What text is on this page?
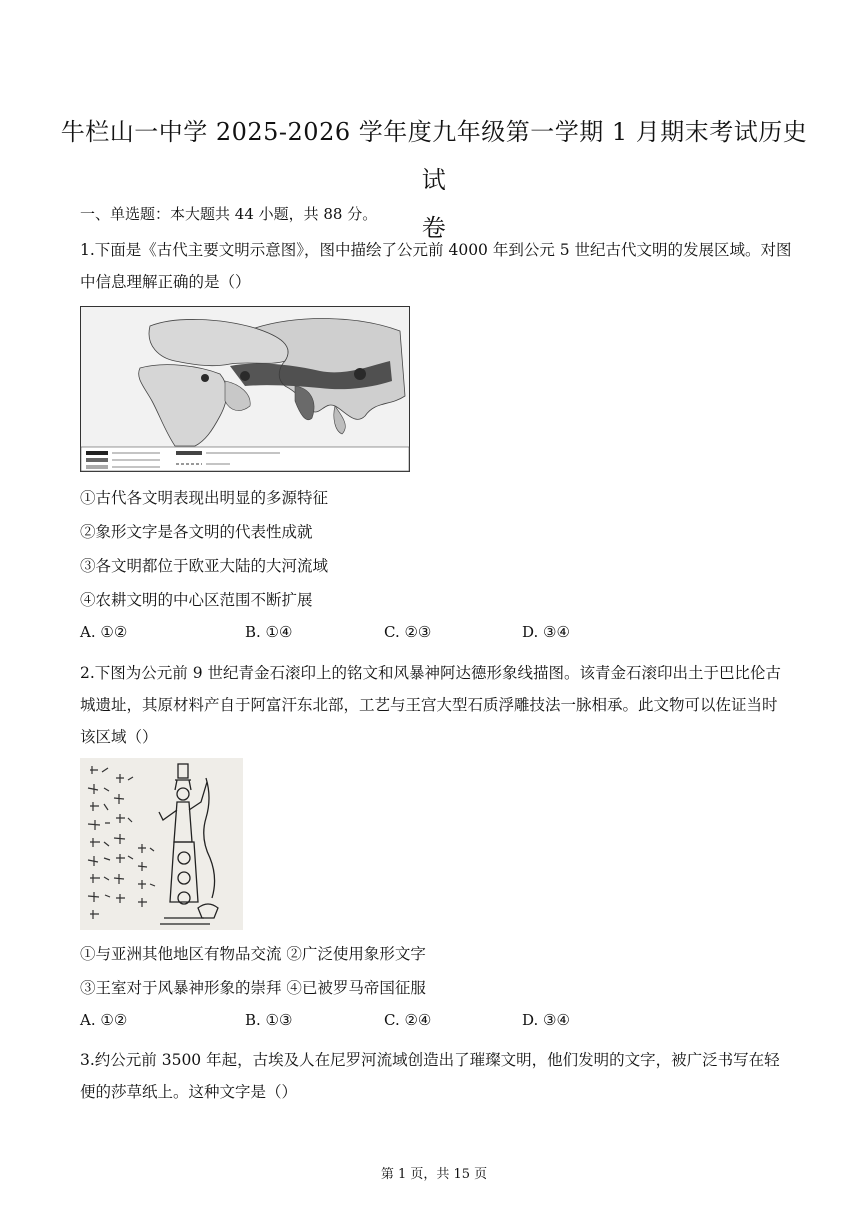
牛栏山一中学 2025-2026 学年度九年级第一学期 1 月期末考试历史试
卷
一、单选题：本大题共 44 小题，共 88 分。
1.下面是《古代主要文明示意图》，图中描绘了公元前 4000 年到公元 5 世纪古代文明的发展区域。对图中信息理解正确的是（）
①古代各文明表现出明显的多源特征
②象形文字是各文明的代表性成就
③各文明都位于欧亚大陆的大河流域
④农耕文明的中心区范围不断扩展
A. ①②	B. ①④	C. ②③	D. ③④
2.下图为公元前 9 世纪青金石滚印上的铭文和风暴神阿达德形象线描图。该青金石滚印出土于巴比伦古城遗址，其原材料产自于阿富汗东北部，工艺与王宫大型石质浮雕技法一脉相承。此文物可以佐证当时该区域（）
①与亚洲其他地区有物品交流 ②广泛使用象形文字
③王室对于风暴神形象的崇拜 ④已被罗马帝国征服
A. ①②	B. ①③	C. ②④	D. ③④
3.约公元前 3500 年起，古埃及人在尼罗河流域创造出了璀璨文明，他们发明的文字，被广泛书写在轻便的莎草纸上。这种文字是（）
第 1 页，共 15 页
